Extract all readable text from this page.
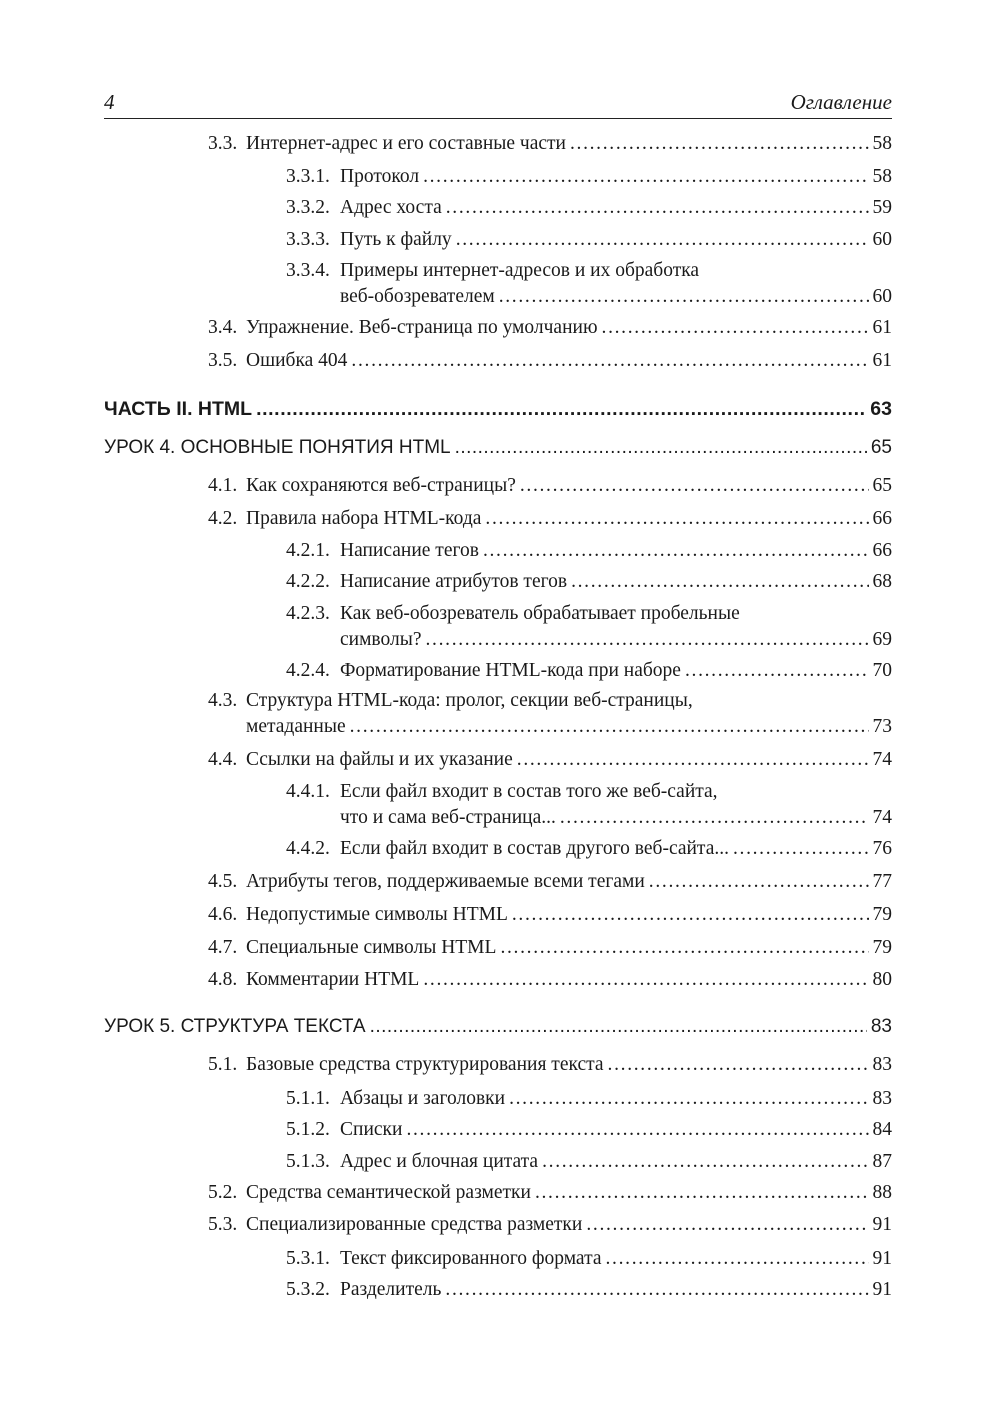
4	Оглавление
3.3. Интернет-адрес и его составные части . . .	58
3.3.1. Протокол . . .	58
3.3.2. Адрес хоста . . .	59
3.3.3. Путь к файлу . . .	60
3.3.4. Примеры интернет-адресов и их обработка
веб-обозревателем . . .	60
3.4. Упражнение. Веб-страница по умолчанию . . .	61
3.5. Ошибка 404 . . .	61
ЧАСТЬ II. HTML . . .	63
УРОК 4. ОСНОВНЫЕ ПОНЯТИЯ HTML . . .	65
4.1. Как сохраняются веб-страницы? . . .	65
4.2. Правила набора HTML-кода . . .	66
4.2.1. Написание тегов . . .	66
4.2.2. Написание атрибутов тегов . . .	68
4.2.3. Как веб-обозреватель обрабатывает пробельные
символы? . . .	69
4.2.4. Форматирование HTML-кода при наборе . . .	70
4.3. Структура HTML-кода: пролог, секции веб-страницы,
метаданные . . .	73
4.4. Ссылки на файлы и их указание . . .	74
4.4.1. Если файл входит в состав того же веб-сайта,
что и сама веб-страница... . . .	74
4.4.2. Если файл входит в состав другого веб-сайта... . . .	76
4.5. Атрибуты тегов, поддерживаемые всеми тегами . . .	77
4.6. Недопустимые символы HTML . . .	79
4.7. Специальные символы HTML . . .	79
4.8. Комментарии HTML . . .	80
УРОК 5. СТРУКТУРА ТЕКСТА . . .	83
5.1. Базовые средства структурирования текста . . .	83
5.1.1. Абзацы и заголовки . . .	83
5.1.2. Списки . . .	84
5.1.3. Адрес и блочная цитата . . .	87
5.2. Средства семантической разметки . . .	88
5.3. Специализированные средства разметки . . .	91
5.3.1. Текст фиксированного формата . . .	91
5.3.2. Разделитель . . .	91
